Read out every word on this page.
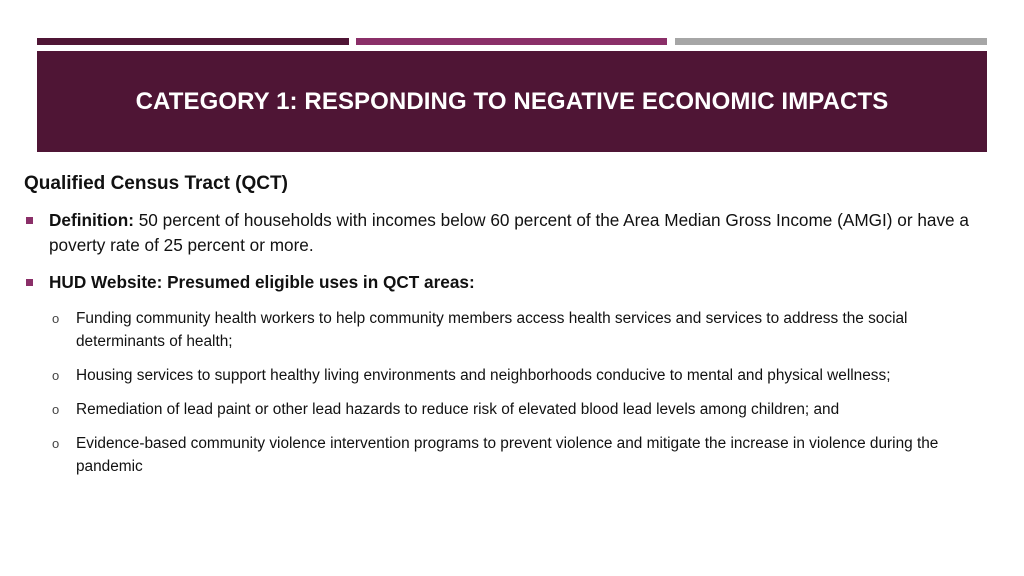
CATEGORY 1: RESPONDING TO NEGATIVE ECONOMIC IMPACTS
Qualified Census Tract (QCT)
Definition: 50 percent of households with incomes below 60 percent of the Area Median Gross Income (AMGI) or have a poverty rate of 25 percent or more.
HUD Website: Presumed eligible uses in QCT areas:
o Funding community health workers to help community members access health services and services to address the social determinants of health;
o Housing services to support healthy living environments and neighborhoods conducive to mental and physical wellness;
o Remediation of lead paint or other lead hazards to reduce risk of elevated blood lead levels among children; and
o Evidence-based community violence intervention programs to prevent violence and mitigate the increase in violence during the pandemic
